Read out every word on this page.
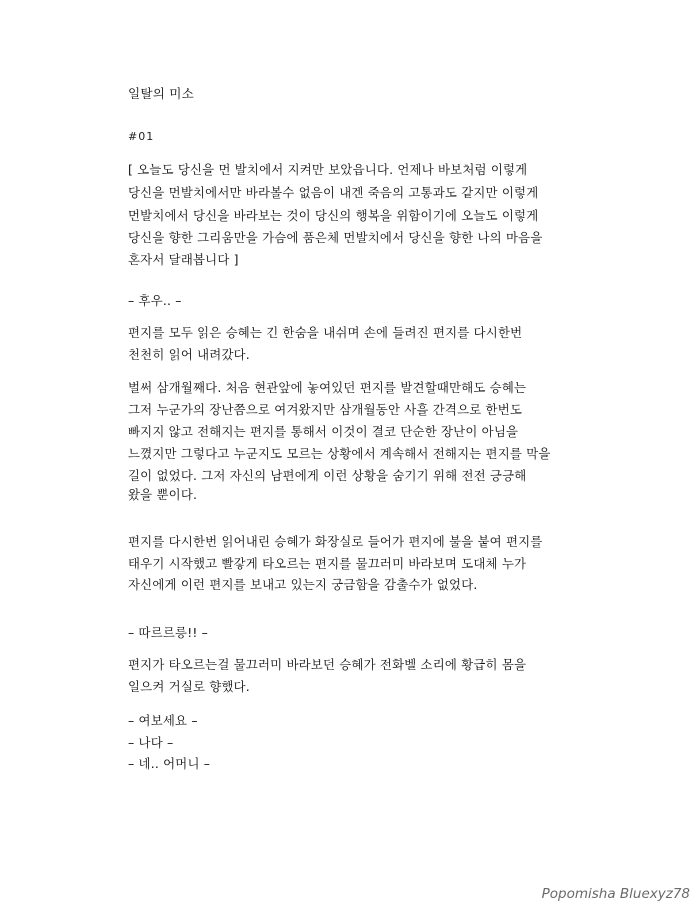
일탈의 미소
#01
[ 오늘도 당신을 먼 발치에서 지켜만 보았읍니다. 언제나 바보처럼 이렇게
당신을 먼발치에서만 바라볼수 없음이 내겐 죽음의 고통과도 같지만 이렇게
먼발치에서 당신을 바라보는 것이 당신의 행복을 위함이기에 오늘도 이렇게
당신을 향한 그리움만을 가슴에 품은체 먼발치에서 당신을 향한 나의 마음을
혼자서 달래봅니다 ]
– 후우.. –
편지를 모두 읽은 승혜는 긴 한숨을 내쉬며 손에 들려진 편지를 다시한번
천천히 읽어 내려갔다.
벌써 삼개월째다. 처음 현관앞에 놓여있던 편지를 발견할때만해도 승혜는
그저 누군가의 장난쯤으로 여겨왔지만 삼개월동안 사흘 간격으로 한번도
빠지지 않고 전해지는 편지를 통해서 이것이 결코 단순한 장난이 아님을
느꼈지만 그렇다고 누군지도 모르는 상황에서 계속해서 전해지는 편지를 막을
길이 없었다. 그저 자신의 남편에게 이런 상황을 숨기기 위해 전전 긍긍해
왔을 뿐이다.
편지를 다시한번 읽어내린 승혜가 화장실로 들어가 편지에 불을 붙여 편지를
태우기 시작했고 빨갛게 타오르는 편지를 물끄러미 바라보며 도대체 누가
자신에게 이런 편지를 보내고 있는지 궁금함을 감출수가 없었다.
– 따르르릉!! –
편지가 타오르는걸 물끄러미 바라보던 승혜가 전화벨 소리에 황급히 몸을
일으켜 거실로 향했다.
– 여보세요 –
– 나다 –
– 네.. 어머니 –
Popomisha Bluexyz78
